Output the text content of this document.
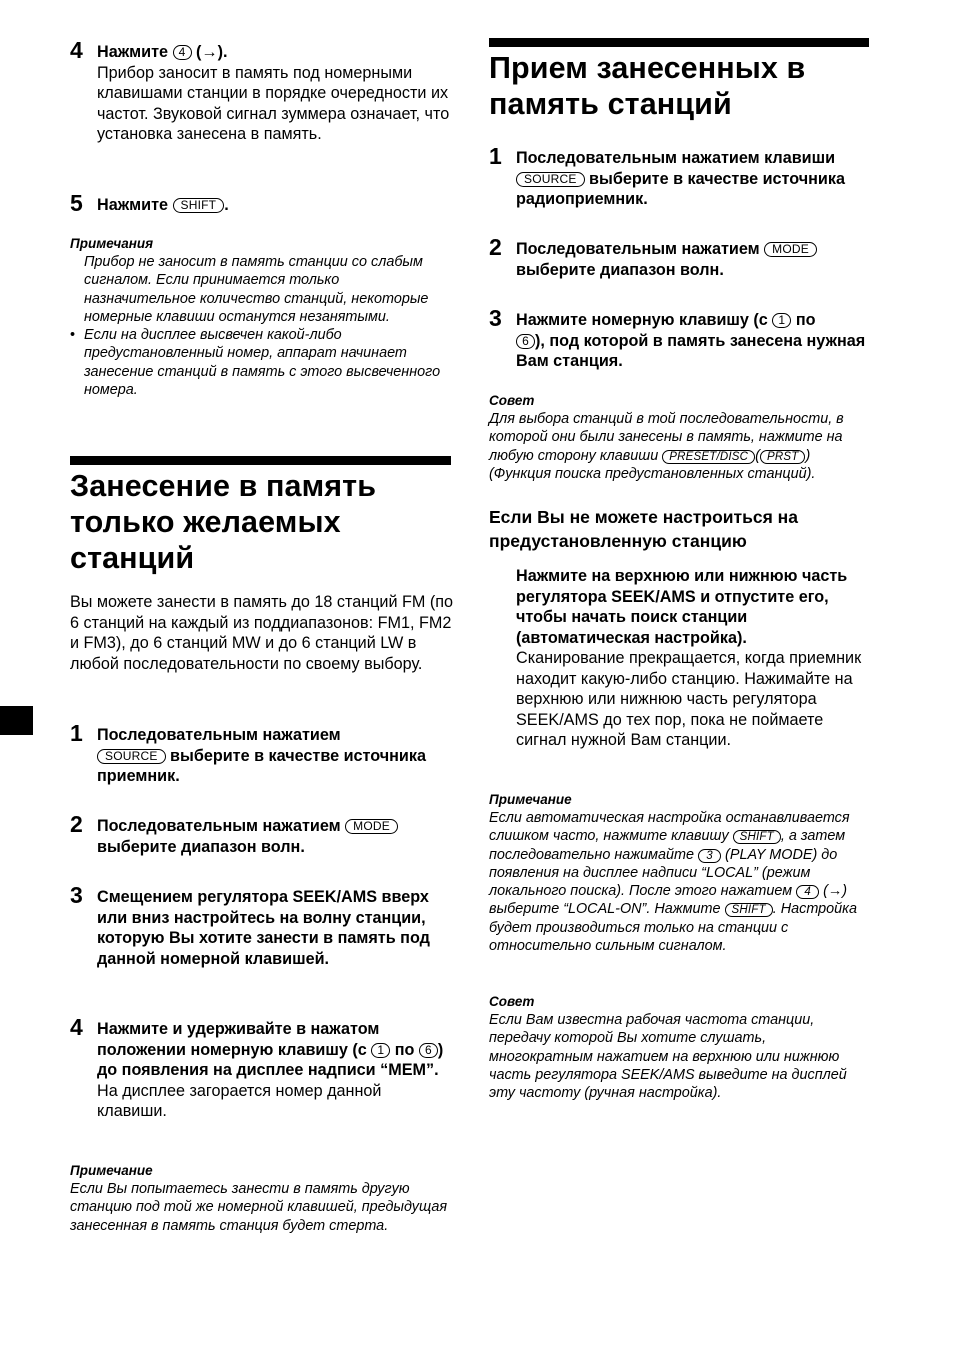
4 Нажмите 4 (→).
Прибор заносит в память под номерными клавишами станции в порядке очередности их частот. Звуковой сигнал зуммера означает, что установка занесена в память.
5 Нажмите SHIFT .
Примечания
Прибор не заносит в память станции со слабым сигналом. Если принимается только назначительное количество станций, некоторые номерные клавиши останутся незанятыми.
• Если на дисплее высвечен какой-либо предустановленный номер, аппарат начинает занесение станций в память с этого высвеченного номера.
Занесение в память только желаемых станций
Вы можете занести в память до 18 станций FM (по 6 станций на каждый из поддиапазонов: FM1, FM2 и FM3), до 6 станций MW и до 6 станций LW в любой последовательности по своему выбору.
1 Последовательным нажатием
SOURCE выберите в качестве источника приемник.
2 Последовательным нажатием MODE
выберите диапазон волн.
3 Смещением регулятора SEEK/AMS вверх или вниз настройтесь на волну станции, которую Вы хотите занести в память под данной номерной клавишей.
4 Нажмите и удерживайте в нажатом положении номерную клавишу (с 1 по 6 ) до появления на дисплее надписи “MEM”.
На дисплее загорается номер данной клавиши.
Примечание
Если Вы попытаетесь занести в память другую станцию под той же номерной клавишей, предыдущая занесенная в память станция будет стерта.
Прием занесенных в память станций
1 Последовательным нажатием клавиши SOURCE выберите в качестве источника радиоприемник.
2 Последовательным нажатием MODE
выберите диапазон волн.
3 Нажмите номерную клавишу (с 1 по
6 ), под которой в память занесена нужная Вам станция.
Совет
Для выбора станций в той последовательности, в которой они были занесены в память, нажмите на любую сторону клавиши PRESET/DISC ( PRST ) (Функция поиска предустановленных станций).
Если Вы не можете настроиться на предустановленную станцию
Нажмите на верхнюю или нижнюю часть регулятора SEEK/AMS и отпустите его, чтобы начать поиск станции (автоматическая настройка).
Сканирование прекращается, когда приемник находит какую-либо станцию. Нажимайте на верхнюю или нижнюю часть регулятора SEEK/AMS до тех пор, пока не поймаете сигнал нужной Вам станции.
Примечание
Если автоматическая настройка останавливается слишком часто, нажмите клавишу SHIFT , а затем последовательно нажимайте 3 (PLAY MODE) до появления на дисплее надписи “LOCAL” (режим локального поиска). После этого нажатием 4 (→) выберите “LOCAL-ON”. Нажмите SHIFT . Настройка будет производиться только на станции с относительно сильным сигналом.
Совет
Если Вам известна рабочая частота станции, передачу которой Вы хотите слушать, многократным нажатием на верхнюю или нижнюю часть регулятора SEEK/AMS выведите на дисплей эту частоту (ручная настройка).
